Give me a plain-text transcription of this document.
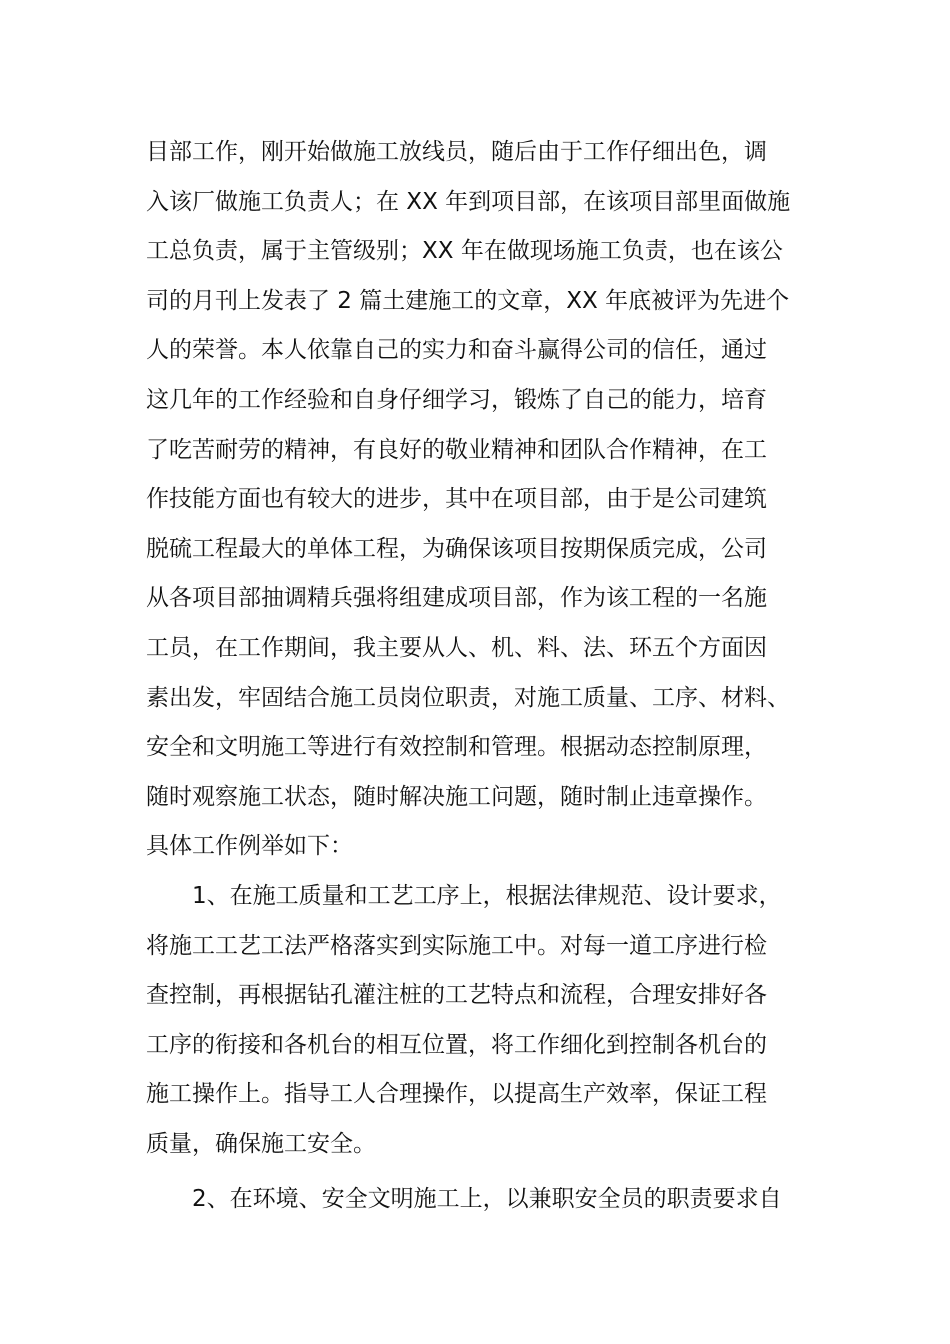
目部工作，刚开始做施工放线员，随后由于工作仔细出色，调
入该厂做施工负责人；在 XX 年到项目部，在该项目部里面做施
工总负责，属于主管级别；XX 年在做现场施工负责，也在该公
司的月刊上发表了 2 篇土建施工的文章，XX 年底被评为先进个
人的荣誉。本人依靠自己的实力和奋斗赢得公司的信任，通过
这几年的工作经验和自身仔细学习，锻炼了自己的能力，培育
了吃苦耐劳的精神，有良好的敬业精神和团队合作精神，在工
作技能方面也有较大的进步，其中在项目部，由于是公司建筑
脱硫工程最大的单体工程，为确保该项目按期保质完成，公司
从各项目部抽调精兵强将组建成项目部，作为该工程的一名施
工员，在工作期间，我主要从人、机、料、法、环五个方面因
素出发，牢固结合施工员岗位职责，对施工质量、工序、材料、
安全和文明施工等进行有效控制和管理。根据动态控制原理，
随时观察施工状态，随时解决施工问题，随时制止违章操作。
具体工作例举如下：
1、在施工质量和工艺工序上，根据法律规范、设计要求，
将施工工艺工法严格落实到实际施工中。对每一道工序进行检
查控制，再根据钻孔灌注桩的工艺特点和流程，合理安排好各
工序的衔接和各机台的相互位置，将工作细化到控制各机台的
施工操作上。指导工人合理操作，以提高生产效率，保证工程
质量，确保施工安全。
2、在环境、安全文明施工上，以兼职安全员的职责要求自
